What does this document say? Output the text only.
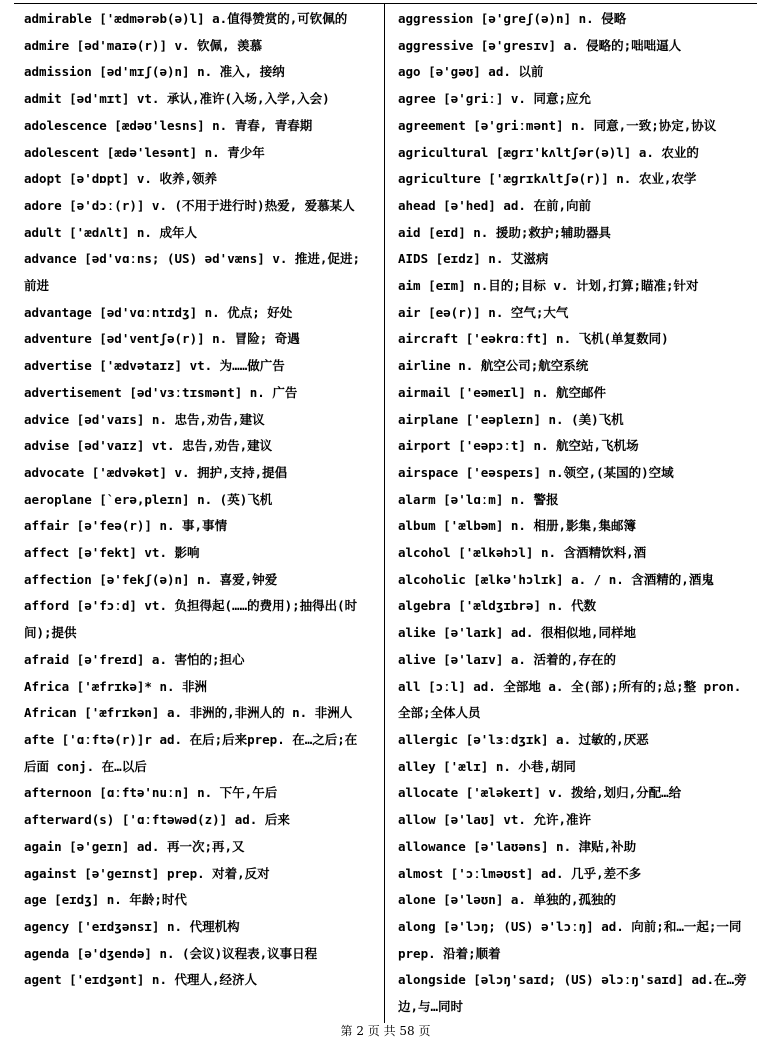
admirable ['ædmərəb(ə)l] a.值得赞赏的,可钦佩的
admire [əd'maɪə(r)] v. 钦佩, 羡慕
admission [əd'mɪʃ(ə)n] n. 准入, 接纳
admit [əd'mɪt] vt. 承认,准许(入场,入学,入会)
adolescence [ædəʊ'lesns] n. 青春, 青春期
adolescent [ædə'lesənt] n. 青少年
adopt [ə'dɒpt] v. 收养,领养
adore [ə'dɔː(r)] v. (不用于进行时)热爱, 爱慕某人
adult ['ædʌlt] n. 成年人
advance [əd'vɑːns; (US) əd'væns] v. 推进,促进;前进
advantage [əd'vɑːntɪdʒ] n. 优点; 好处
adventure [əd'ventʃə(r)] n. 冒险; 奇遇
advertise ['ædvətaɪz] vt. 为……做广告
advertisement [əd'vɜːtɪsmənt] n. 广告
advice [əd'vaɪs] n. 忠告,劝告,建议
advise [əd'vaɪz] vt. 忠告,劝告,建议
advocate ['ædvəkət] v. 拥护,支持,提倡
aeroplane [`erə,pleɪn] n. (英)飞机
affair [ə'feə(r)] n. 事,事情
affect [ə'fekt] vt. 影响
affection [ə'fekʃ(ə)n] n. 喜爱,钟爱
afford [ə'fɔːd] vt. 负担得起(……的费用);抽得出(时间);提供
afraid [ə'freɪd] a. 害怕的;担心
Africa ['æfrɪkə]* n. 非洲
African ['æfrɪkən] a. 非洲的,非洲人的 n. 非洲人
afte ['ɑːftə(r)]r ad. 在后;后来prep. 在…之后;在 后面 conj. 在…以后
afternoon [ɑːftə'nuːn] n. 下午,午后
afterward(s) ['ɑːftəwəd(z)] ad. 后来
again [ə'geɪn] ad. 再一次;再,又
against [ə'geɪnst] prep. 对着,反对
age [eɪdʒ] n. 年龄;时代
agency ['eɪdʒənsɪ] n. 代理机构
agenda [ə'dʒendə] n. (会议)议程表,议事日程
agent ['eɪdʒənt] n. 代理人,经济人
aggression [ə'greʃ(ə)n] n. 侵略
aggressive [ə'gresɪv] a. 侵略的;咄咄逼人
ago [ə'gəʊ] ad. 以前
agree [ə'griː] v. 同意;应允
agreement [ə'griːmənt] n. 同意,一致;协定,协议
agricultural [ægrɪ'kʌltʃər(ə)l] a. 农业的
agriculture ['ægrɪkʌltʃə(r)] n. 农业,农学
ahead [ə'hed] ad. 在前,向前
aid [eɪd] n. 援助;救护;辅助器具
AIDS [eɪdz] n. 艾滋病
aim [eɪm] n.目的;目标 v. 计划,打算;瞄准;针对
air [eə(r)] n. 空气;大气
aircraft ['eəkrɑːft] n. 飞机(单复数同)
airline n. 航空公司;航空系统
airmail ['eəmeɪl] n. 航空邮件
airplane ['eəpleɪn] n. (美)飞机
airport ['eəpɔːt] n. 航空站,飞机场
airspace ['eəspeɪs] n.领空,(某国的)空域
alarm [ə'lɑːm] n. 警报
album ['ælbəm] n. 相册,影集,集邮簿
alcohol ['ælkəhɔl] n. 含酒精饮料,酒
alcoholic [ælkə'hɔlɪk] a. / n. 含酒精的,酒鬼
algebra ['ældʒɪbrə] n. 代数
alike [ə'laɪk] ad. 很相似地,同样地
alive [ə'laɪv] a. 活着的,存在的
all [ɔːl] ad. 全部地 a. 全(部);所有的;总;整 pron. 全部;全体人员
allergic [ə'lɜːdʒɪk] a. 过敏的,厌恶
alley ['ælɪ] n. 小巷,胡同
allocate ['æləkeɪt] v. 拨给,划归,分配…给
allow [ə'laʊ] vt. 允许,准许
allowance [ə'laʊəns] n. 津贴,补助
almost ['ɔːlməʊst] ad. 几乎,差不多
alone [ə'ləʊn] a. 单独的,孤独的
along [ə'lɔŋ; (US) ə'lɔːŋ] ad. 向前;和…一起;一同 prep. 沿着;顺着
alongside [əlɔŋ'saɪd; (US) əlɔːŋ'saɪd] ad.在…旁边,与…同时
第 2 页 共 58 页
